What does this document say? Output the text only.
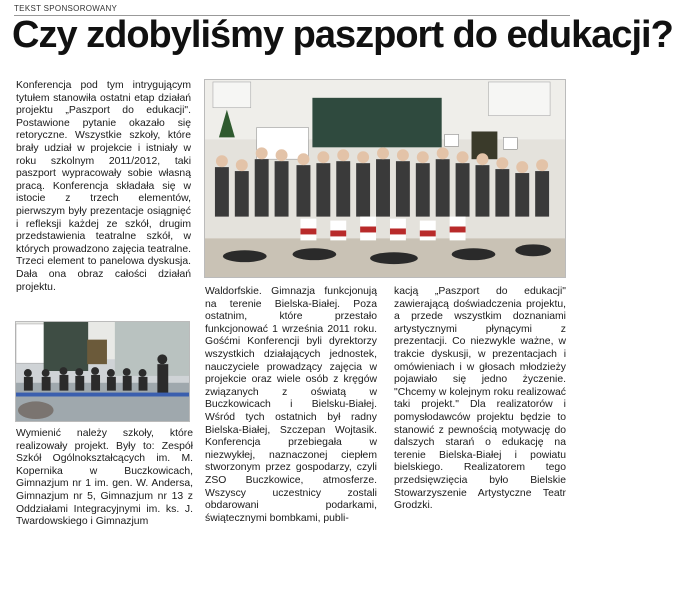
TEKST SPONSOROWANY
Czy zdobyliśmy paszport do edukacji?

Konferencja pod tym intrygującym tytułem stanowiła ostatni etap działań projektu „Paszport do edukacji". Postawione pytanie okazało się retoryczne. Wszystkie szkoły, które brały udział w projekcie i istniały w roku szkolnym 2011/2012, taki paszport wypracowały sobie własną pracą. Konferencja składała się w istocie z trzech elementów, pierwszym były prezentacje osiągnięć i refleksji każdej ze szkół, drugim przedstawienia teatralne szkół, w których prowadzono zajęcia teatralne. Trzeci element to panelowa dyskusja. Dała ona obraz całości działań projektu.

Wymienić należy szkoły, które realizowały projekt. Były to: Zespół Szkół Ogólnokształcących im. M. Kopernika w Buczkowicach, Gimnazjum nr 1 im. gen. W. Andersa, Gimnazjum nr 5, Gimnazjum nr 13 z Oddziałami Integracyjnymi im. ks. J. Twardowskiego i Gimnazjum

Waldorfskie. Gimnazja funkcjonują na terenie Bielska-Białej. Poza ostatnim, które przestało funkcjonować 1 września 2011 roku. Gośćmi Konferencji byli dyrektorzy wszystkich działających jednostek, nauczyciele prowadzący zajęcia w projekcie oraz wiele osób z kręgów związanych z oświatą w Buczkowicach i Bielsku-Białej. Wśród tych ostatnich był radny Bielska-Białej, Szczepan Wojtasik. Konferencja przebiegała w niezwykłej, naznaczonej ciepłem stworzonym przez gospodarzy, czyli ZSO Buczkowice, atmosferze. Wszyscy uczestnicy zostali obdarowani podarkami, świątecznymi bombkami, publi-

kacją „Paszport do edukacji" zawierającą doświadczenia projektu, a przede wszystkim doznaniami artystycznymi płynącymi z prezentacji. Co niezwykle ważne, w trakcie dyskusji, w prezentacjach i omówieniach i w głosach młodzieży pojawiało się jedno życzenie. "Chcemy w kolejnym roku realizować taki projekt." Dla realizatorów i pomysłodawców projektu będzie to stanowić z pewnością motywację do dalszych starań o edukację na terenie Bielska-Białej i powiatu bielskiego. Realizatorem tego przedsięwzięcia było Bielskie Stowarzyszenie Artystyczne Teatr Grodzki.
